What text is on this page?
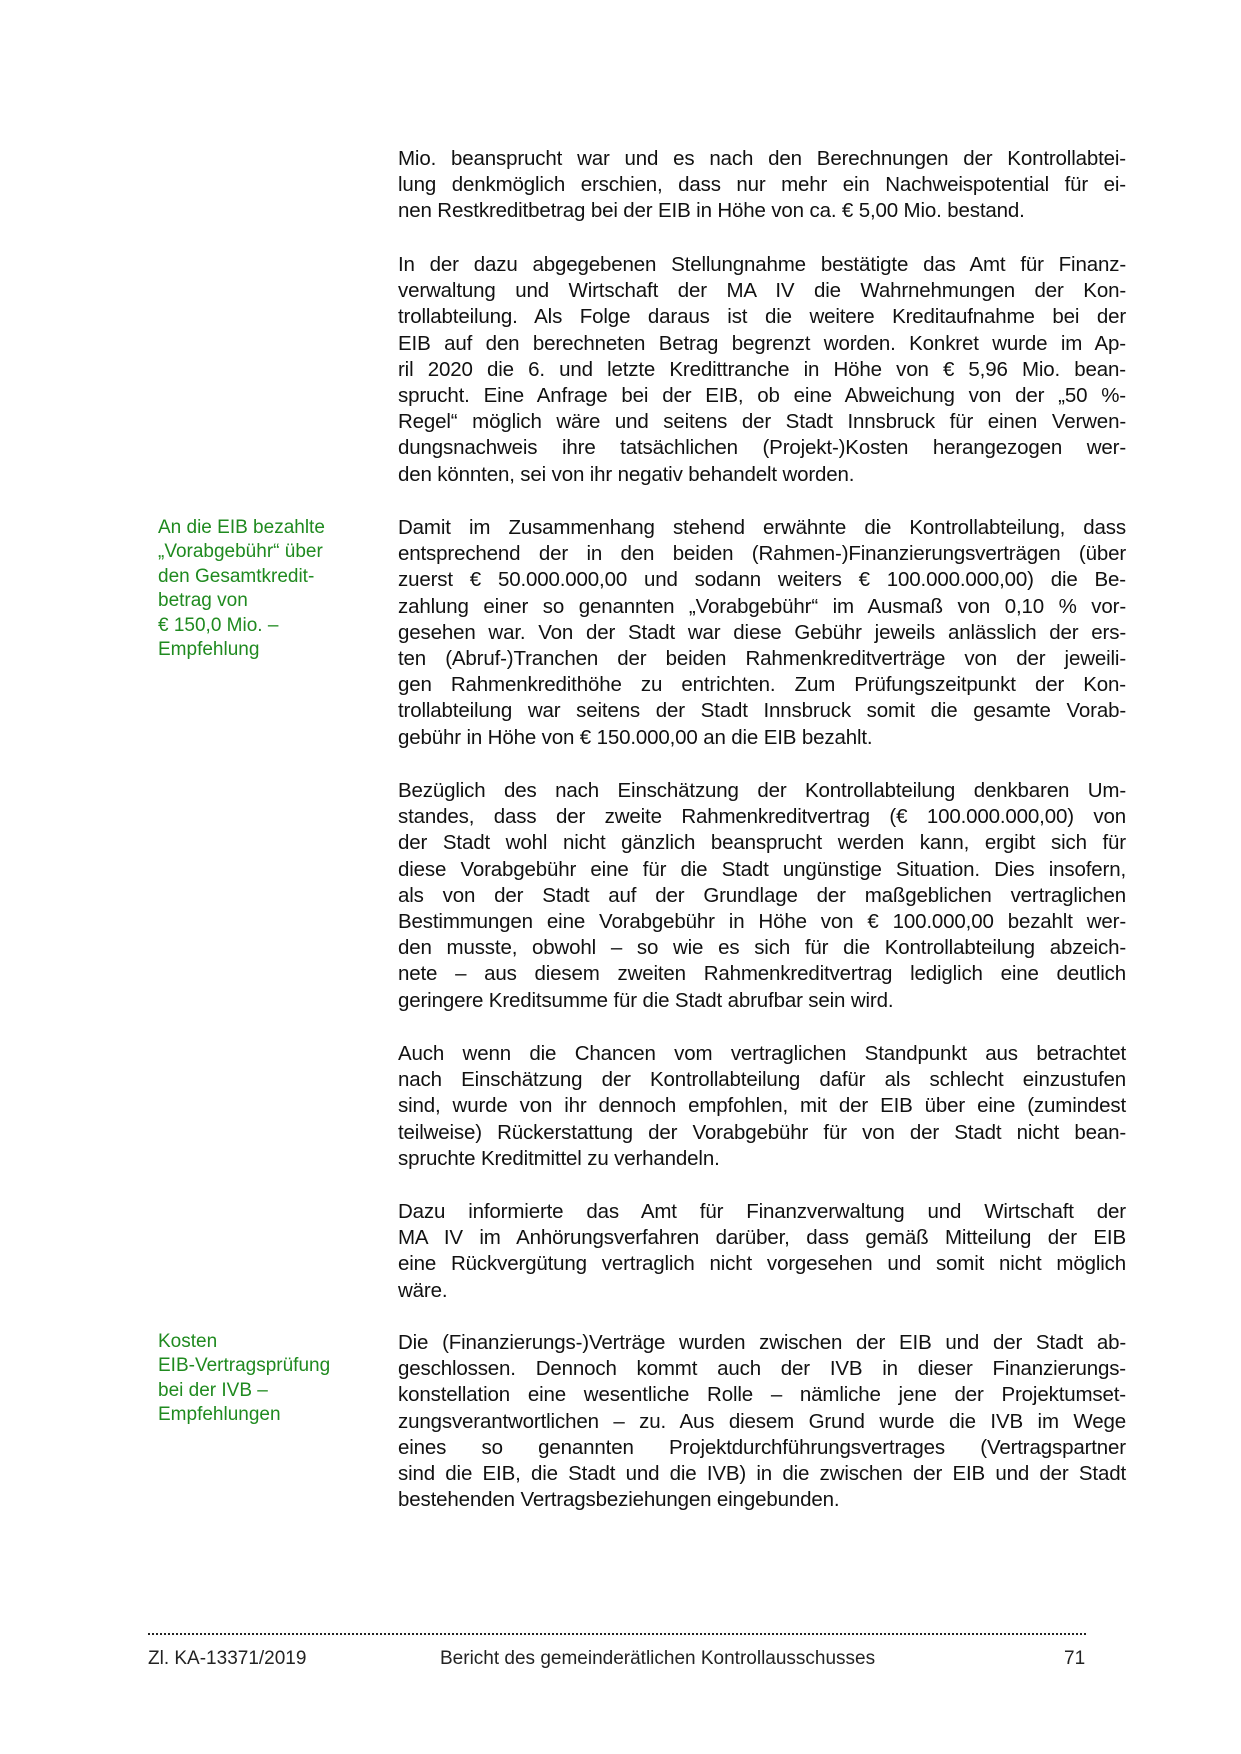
Mio. beansprucht war und es nach den Berechnungen der Kontrollabtei-
lung denkmöglich erschien, dass nur mehr ein Nachweispotential für ei-
nen Restkreditbetrag bei der EIB in Höhe von ca. € 5,00 Mio. bestand.
In der dazu abgegebenen Stellungnahme bestätigte das Amt für Finanz-
verwaltung und Wirtschaft der MA IV die Wahrnehmungen der Kon-
trollabteilung. Als Folge daraus ist die weitere Kreditaufnahme bei der
EIB auf den berechneten Betrag begrenzt worden. Konkret wurde im Ap-
ril 2020 die 6. und letzte Kredittranche in Höhe von € 5,96 Mio. bean-
sprucht. Eine Anfrage bei der EIB, ob eine Abweichung von der „50 %-
Regel“ möglich wäre und seitens der Stadt Innsbruck für einen Verwen-
dungsnachweis ihre tatsächlichen (Projekt-)Kosten herangezogen wer-
den könnten, sei von ihr negativ behandelt worden.
An die EIB bezahlte
„Vorabgebühr“ über
den Gesamtkredit-
betrag von
€ 150,0 Mio. –
Empfehlung
Damit im Zusammenhang stehend erwähnte die Kontrollabteilung, dass
entsprechend der in den beiden (Rahmen-)Finanzierungsverträgen (über
zuerst € 50.000.000,00 und sodann weiters € 100.000.000,00) die Be-
zahlung einer so genannten „Vorabgebühr“ im Ausmaß von 0,10 % vor-
gesehen war. Von der Stadt war diese Gebühr jeweils anlässlich der ers-
ten (Abruf-)Tranchen der beiden Rahmenkreditverträge von der jeweili-
gen Rahmenkredithöhe zu entrichten. Zum Prüfungszeitpunkt der Kon-
trollabteilung war seitens der Stadt Innsbruck somit die gesamte Vorab-
gebühr in Höhe von € 150.000,00 an die EIB bezahlt.
Bezüglich des nach Einschätzung der Kontrollabteilung denkbaren Um-
standes, dass der zweite Rahmenkreditvertrag (€ 100.000.000,00) von
der Stadt wohl nicht gänzlich beansprucht werden kann, ergibt sich für
diese Vorabgebühr eine für die Stadt ungünstige Situation. Dies insofern,
als von der Stadt auf der Grundlage der maßgeblichen vertraglichen
Bestimmungen eine Vorabgebühr in Höhe von € 100.000,00 bezahlt wer-
den musste, obwohl – so wie es sich für die Kontrollabteilung abzeich-
nete – aus diesem zweiten Rahmenkreditvertrag lediglich eine deutlich
geringere Kreditsumme für die Stadt abrufbar sein wird.
Auch wenn die Chancen vom vertraglichen Standpunkt aus betrachtet
nach Einschätzung der Kontrollabteilung dafür als schlecht einzustufen
sind, wurde von ihr dennoch empfohlen, mit der EIB über eine (zumindest
teilweise) Rückerstattung der Vorabgebühr für von der Stadt nicht bean-
spruchte Kreditmittel zu verhandeln.
Dazu informierte das Amt für Finanzverwaltung und Wirtschaft der
MA IV im Anhörungsverfahren darüber, dass gemäß Mitteilung der EIB
eine Rückvergütung vertraglich nicht vorgesehen und somit nicht möglich
wäre.
Kosten
EIB-Vertragsprüfung
bei der IVB –
Empfehlungen
Die (Finanzierungs-)Verträge wurden zwischen der EIB und der Stadt ab-
geschlossen. Dennoch kommt auch der IVB in dieser Finanzierungs-
konstellation eine wesentliche Rolle – nämliche jene der Projektumset-
zungsverantwortlichen – zu. Aus diesem Grund wurde die IVB im Wege
eines so genannten Projektdurchführungsvertrages (Vertragspartner
sind die EIB, die Stadt und die IVB) in die zwischen der EIB und der Stadt
bestehenden Vertragsbeziehungen eingebunden.
Zl. KA-13371/2019	Bericht des gemeinderätlichen Kontrollausschusses	71
